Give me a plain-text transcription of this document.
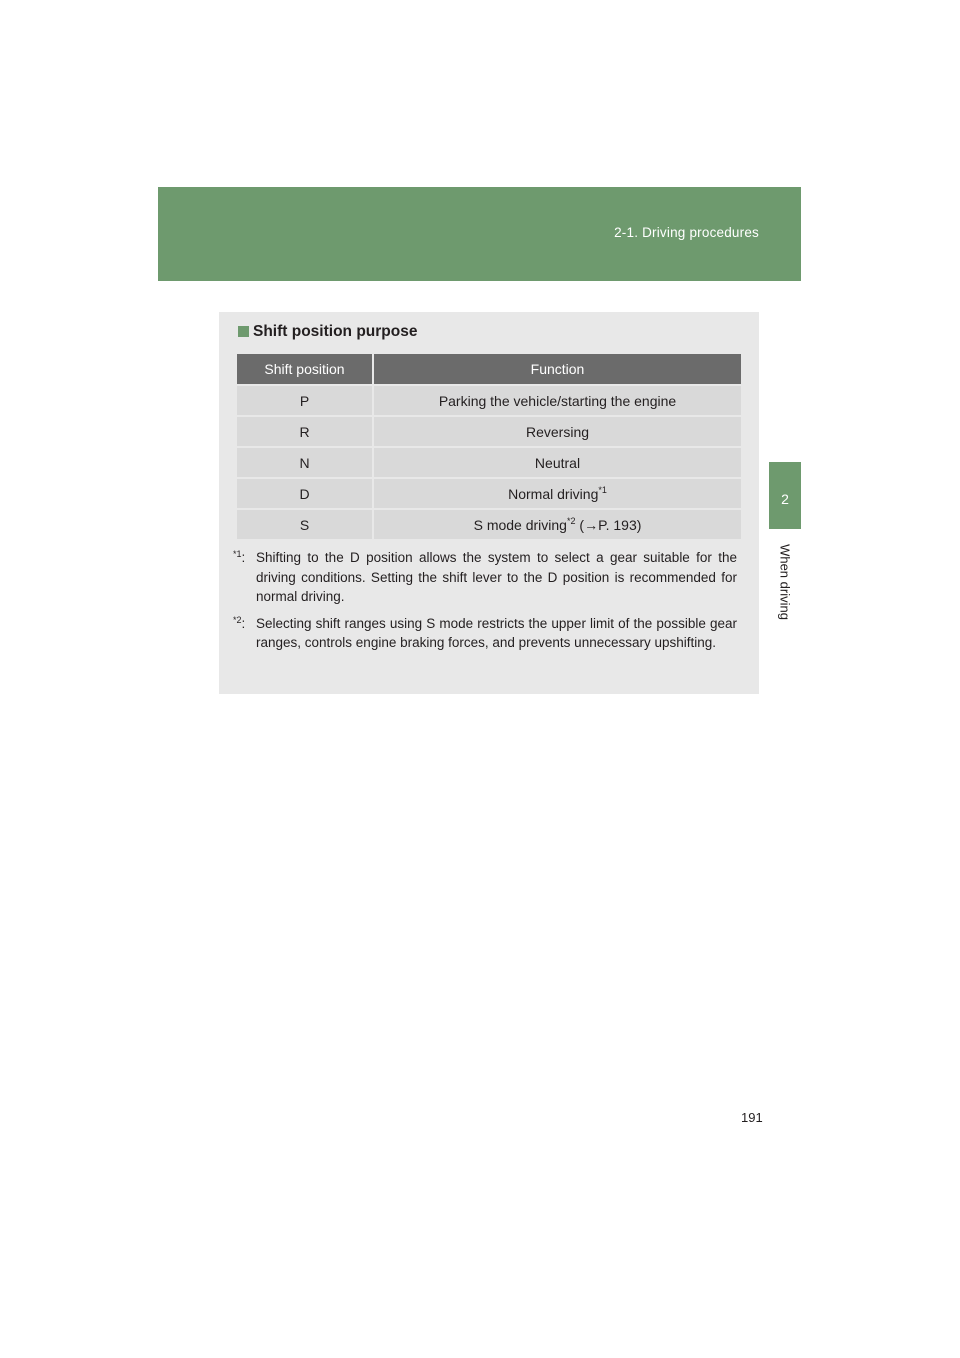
2-1. Driving procedures
2
When driving
Shift position purpose
Shift position	Function
P	Parking the vehicle/starting the engine
R	Reversing
N	Neutral
D	Normal driving$^{*1}$
S	S mode driving$^{*2}$ (→P. 193)
$^{*1}$: Shifting to the D position allows the system to select a gear suitable for the driving conditions. Setting the shift lever to the D position is recommended for normal driving.
$^{*2}$: Selecting shift ranges using S mode restricts the upper limit of the possible gear ranges, controls engine braking forces, and prevents unnecessary upshifting.
191
